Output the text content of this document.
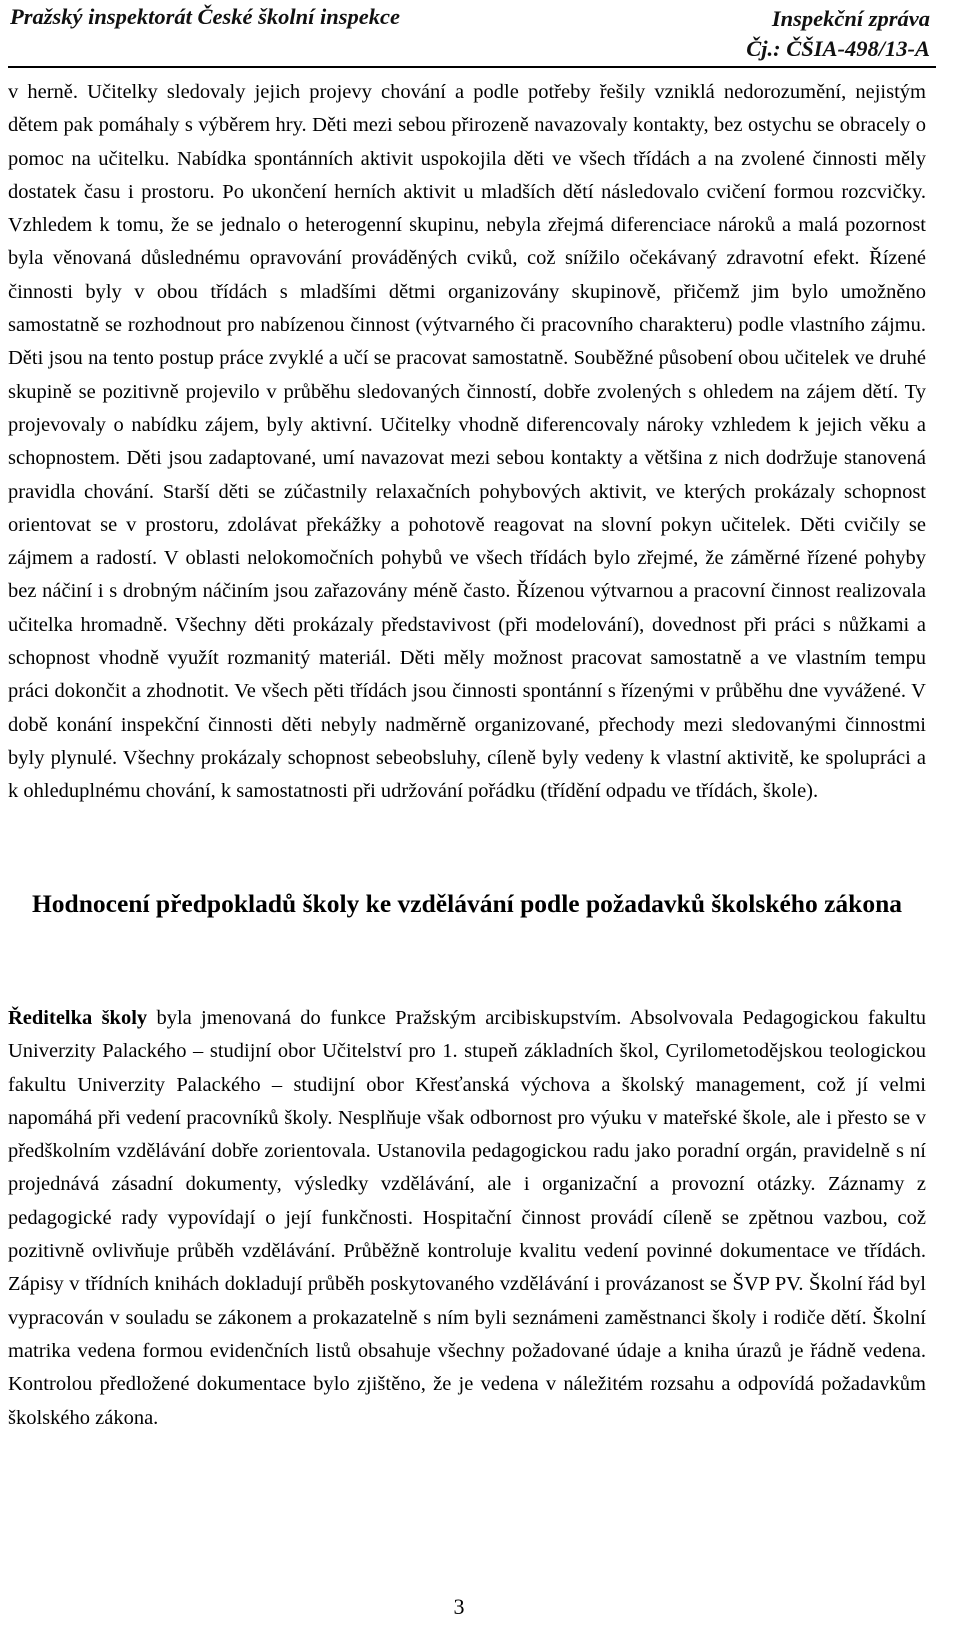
Pražský inspektorát České školní inspekce	Inspekční zpráva
Čj.: ČŠIA-498/13-A

v herně. Učitelky sledovaly jejich projevy chování a podle potřeby řešily vzniklá nedorozumění, nejistým dětem pak pomáhaly s výběrem hry. Děti mezi sebou přirozeně navazovaly kontakty, bez ostychu se obracely o pomoc na učitelku. Nabídka spontánních aktivit uspokojila děti ve všech třídách a na zvolené činnosti měly dostatek času i prostoru. Po ukončení herních aktivit u mladších dětí následovalo cvičení formou rozcvičky. Vzhledem k tomu, že se jednalo o heterogenní skupinu, nebyla zřejmá diferenciace nároků a malá pozornost byla věnovaná důslednému opravování prováděných cviků, což snížilo očekávaný zdravotní efekt. Řízené činnosti byly v obou třídách s mladšími dětmi organizovány skupinově, přičemž jim bylo umožněno samostatně se rozhodnout pro nabízenou činnost (výtvarného či pracovního charakteru) podle vlastního zájmu. Děti jsou na tento postup práce zvyklé a učí se pracovat samostatně. Souběžné působení obou učitelek ve druhé skupině se pozitivně projevilo v průběhu sledovaných činností, dobře zvolených s ohledem na zájem dětí. Ty projevovaly o nabídku zájem, byly aktivní. Učitelky vhodně diferencovaly nároky vzhledem k jejich věku a schopnostem. Děti jsou zadaptované, umí navazovat mezi sebou kontakty a většina z nich dodržuje stanovená pravidla chování. Starší děti se zúčastnily relaxačních pohybových aktivit, ve kterých prokázaly schopnost orientovat se v prostoru, zdolávat překážky a pohotově reagovat na slovní pokyn učitelek. Děti cvičily se zájmem a radostí. V oblasti nelokomočních pohybů ve všech třídách bylo zřejmé, že záměrné řízené pohyby bez náčiní i s drobným náčiním jsou zařazovány méně často. Řízenou výtvarnou a pracovní činnost realizovala učitelka hromadně. Všechny děti prokázaly představivost (při modelování), dovednost při práci s nůžkami a schopnost vhodně využít rozmanitý materiál. Děti měly možnost pracovat samostatně a ve vlastním tempu práci dokončit a zhodnotit. Ve všech pěti třídách jsou činnosti spontánní s řízenými v průběhu dne vyvážené. V době konání inspekční činnosti děti nebyly nadměrně organizované, přechody mezi sledovanými činnostmi byly plynulé. Všechny prokázaly schopnost sebeobsluhy, cíleně byly vedeny k vlastní aktivitě, ke spolupráci a k ohleduplnému chování, k samostatnosti při udržování pořádku (třídění odpadu ve třídách, škole).

Hodnocení předpokladů školy ke vzdělávání podle požadavků školského zákona

Ředitelka školy byla jmenovaná do funkce Pražským arcibiskupstvím. Absolvovala Pedagogickou fakultu Univerzity Palackého – studijní obor Učitelství pro 1. stupeň základních škol, Cyrilometodějskou teologickou fakultu Univerzity Palackého – studijní obor Křesťanská výchova a školský management, což jí velmi napomáhá při vedení pracovníků školy. Nesplňuje však odbornost pro výuku v mateřské škole, ale i přesto se v předškolním vzdělávání dobře zorientovala. Ustanovila pedagogickou radu jako poradní orgán, pravidelně s ní projednává zásadní dokumenty, výsledky vzdělávání, ale i organizační a provozní otázky. Záznamy z pedagogické rady vypovídají o její funkčnosti. Hospitační činnost provádí cíleně se zpětnou vazbou, což pozitivně ovlivňuje průběh vzdělávání. Průběžně kontroluje kvalitu vedení povinné dokumentace ve třídách. Zápisy v třídních knihách dokladují průběh poskytovaného vzdělávání i provázanost se ŠVP PV. Školní řád byl vypracován v souladu se zákonem a prokazatelně s ním byli seznámeni zaměstnanci školy i rodiče dětí. Školní matrika vedena formou evidenčních listů obsahuje všechny požadované údaje a kniha úrazů je řádně vedena. Kontrolou předložené dokumentace bylo zjištěno, že je vedena v náležitém rozsahu a odpovídá požadavkům školského zákona.

3
